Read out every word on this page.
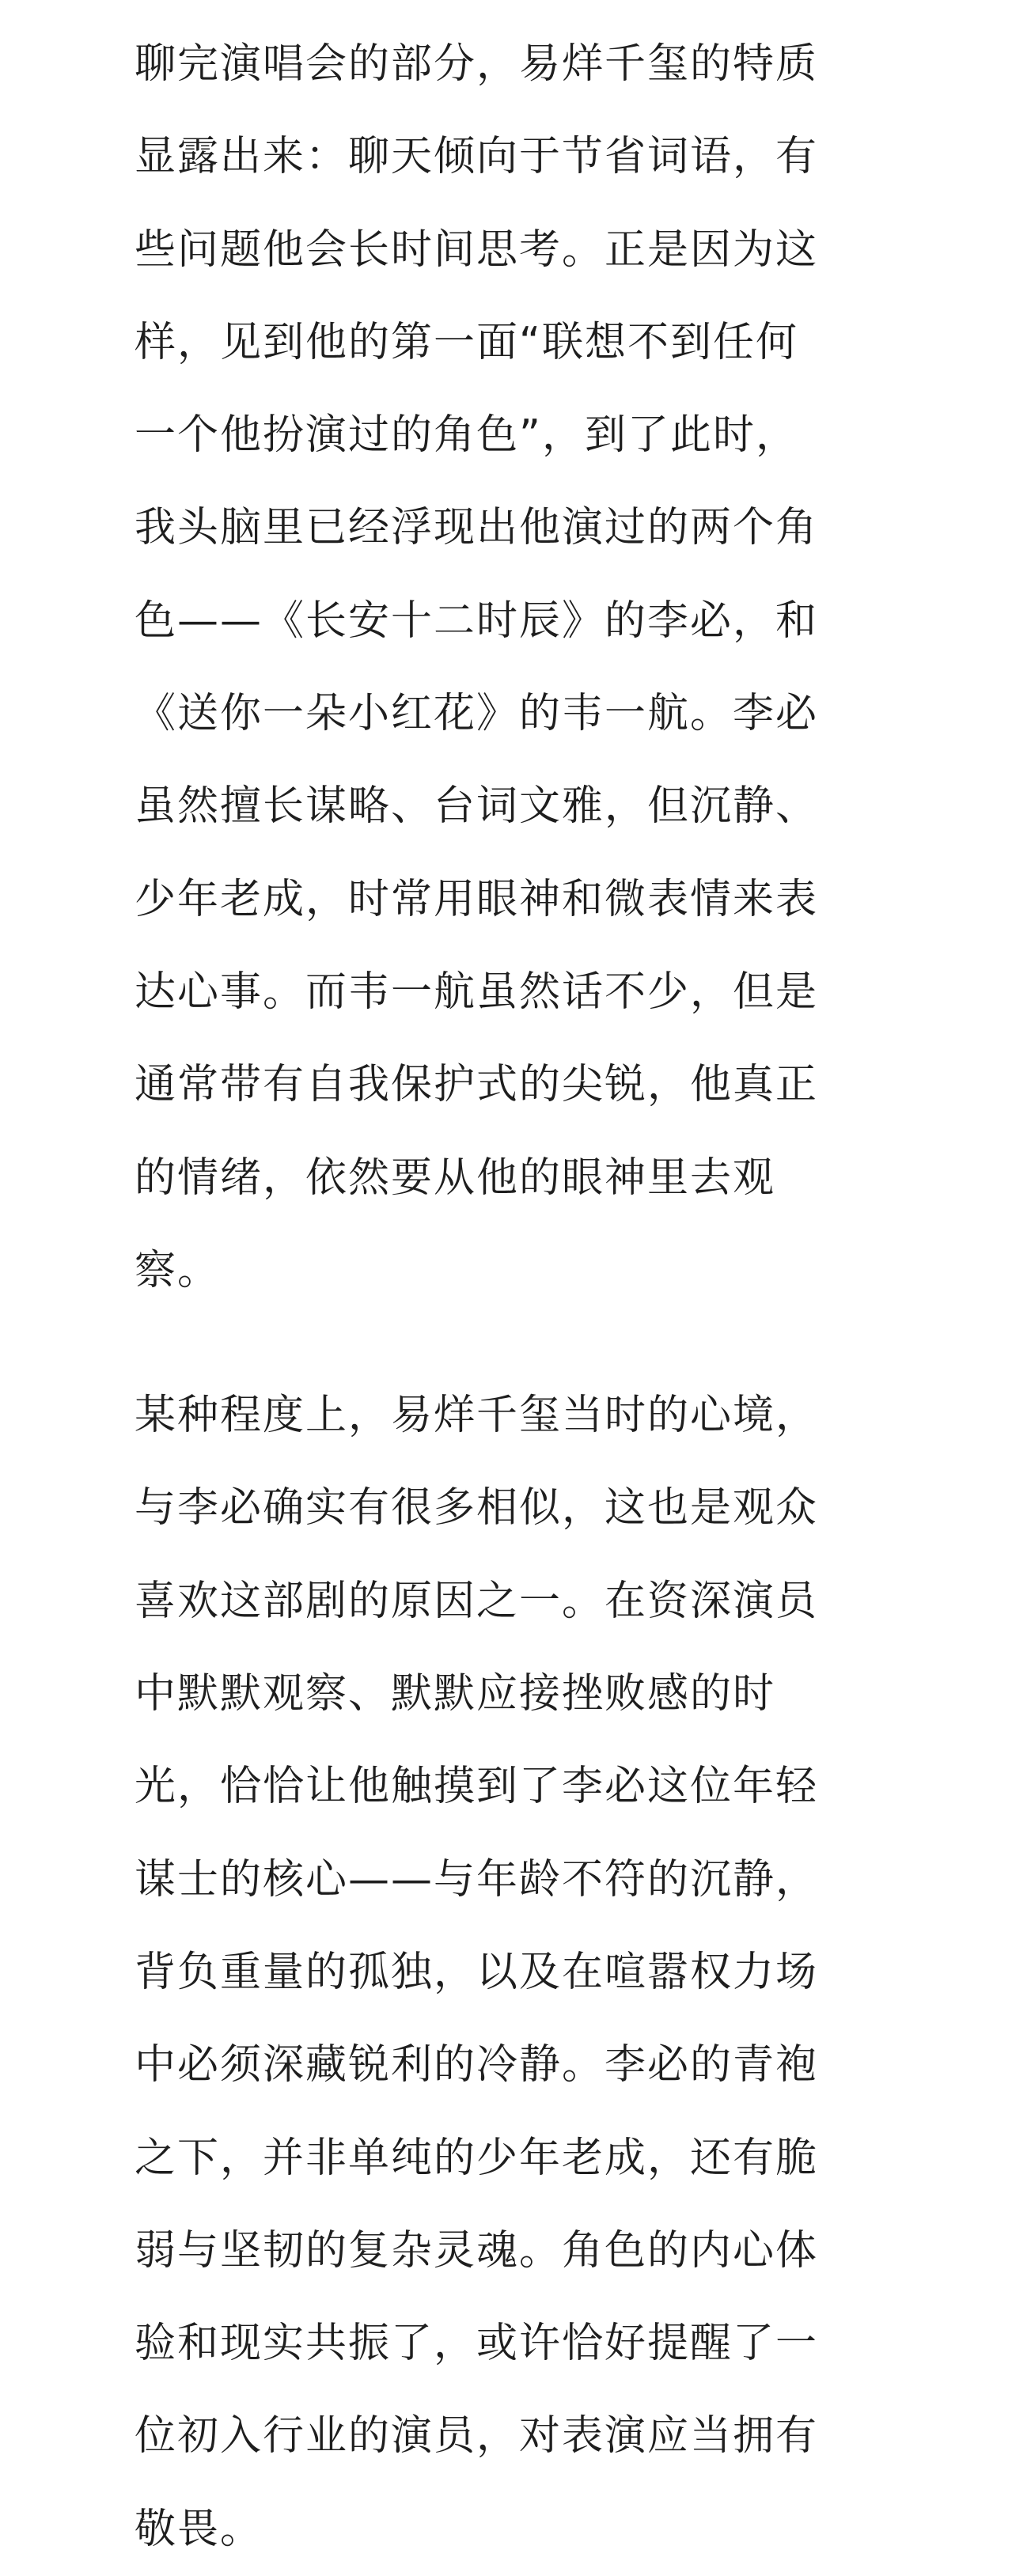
聊完演唱会的部分，易烊千玺的特质
显露出来：聊天倾向于节省词语，有
些问题他会长时间思考。正是因为这
样，见到他的第一面“联想不到任何
一个他扮演过的角色”，到了此时，
我头脑里已经浮现出他演过的两个角
色——《长安十二时辰》的李必，和
《送你一朵小红花》的韦一航。李必
虽然擅长谋略、台词文雅，但沉静、
少年老成，时常用眼神和微表情来表
达心事。而韦一航虽然话不少，但是
通常带有自我保护式的尖锐，他真正
的情绪，依然要从他的眼神里去观
察。
某种程度上，易烊千玺当时的心境，
与李必确实有很多相似，这也是观众
喜欢这部剧的原因之一。在资深演员
中默默观察、默默应接挫败感的时
光，恰恰让他触摸到了李必这位年轻
谋士的核心——与年龄不符的沉静，
背负重量的孤独，以及在喧嚣权力场
中必须深藏锐利的冷静。李必的青袍
之下，并非单纯的少年老成，还有脆
弱与坚韧的复杂灵魂。角色的内心体
验和现实共振了，或许恰好提醒了一
位初入行业的演员，对表演应当拥有
敬畏。
